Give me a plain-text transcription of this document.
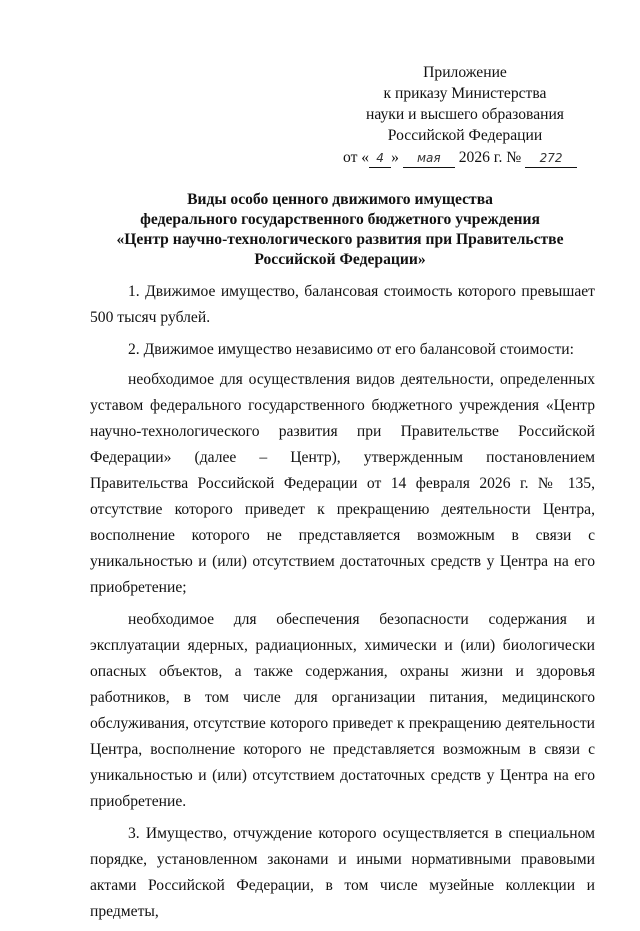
Приложение
к приказу Министерства
науки и высшего образования
Российской Федерации
от « 4 » мая 2026 г. № 272
Виды особо ценного движимого имущества
федерального государственного бюджетного учреждения
«Центр научно-технологического развития при Правительстве
Российской Федерации»

1. Движимое имущество, балансовая стоимость которого превышает 500 тысяч рублей.

2. Движимое имущество независимо от его балансовой стоимости:

необходимое для осуществления видов деятельности, определенных уставом федерального государственного бюджетного учреждения «Центр научно-технологического развития при Правительстве Российской Федерации» (далее – Центр), утвержденным постановлением Правительства Российской Федерации от 14 февраля 2026 г. № 135, отсутствие которого приведет к прекращению деятельности Центра, восполнение которого не представляется возможным в связи с уникальностью и (или) отсутствием достаточных средств у Центра на его приобретение;

необходимое для обеспечения безопасности содержания и эксплуатации ядерных, радиационных, химически и (или) биологически опасных объектов, а также содержания, охраны жизни и здоровья работников, в том числе для организации питания, медицинского обслуживания, отсутствие которого приведет к прекращению деятельности Центра, восполнение которого не представляется возможным в связи с уникальностью и (или) отсутствием достаточных средств у Центра на его приобретение.

3. Имущество, отчуждение которого осуществляется в специальном порядке, установленном законами и иными нормативными правовыми актами Российской Федерации, в том числе музейные коллекции и предметы,
